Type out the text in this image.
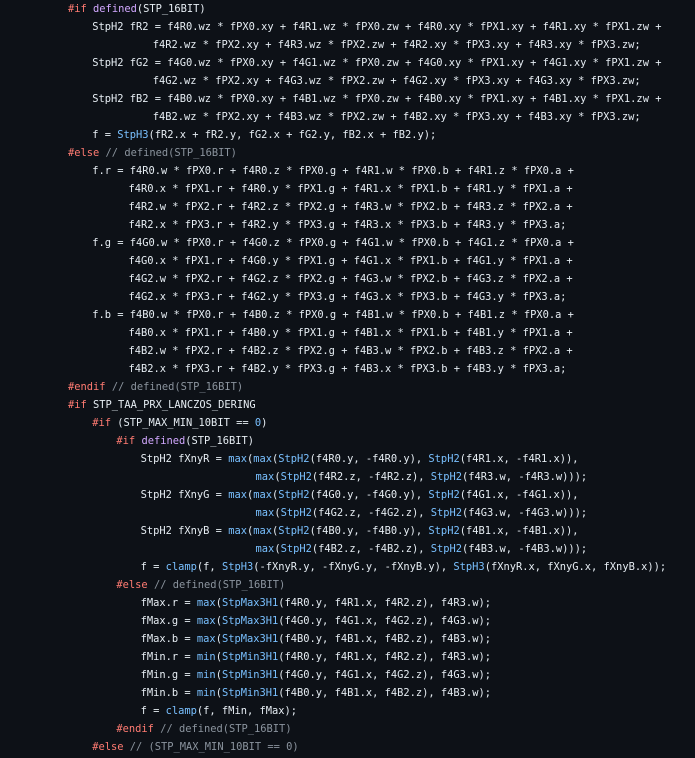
#if defined(STP_16BIT)
StpH2 fR2 = f4R0.wz * fPX0.xy + f4R1.wz * fPX0.zw + f4R0.xy * fPX1.xy + f4R1.xy * fPX1.zw +
f4R2.wz * fPX2.xy + f4R3.wz * fPX2.zw + f4R2.xy * fPX3.xy + f4R3.xy * fPX3.zw;
StpH2 fG2 = f4G0.wz * fPX0.xy + f4G1.wz * fPX0.zw + f4G0.xy * fPX1.xy + f4G1.xy * fPX1.zw +
f4G2.wz * fPX2.xy + f4G3.wz * fPX2.zw + f4G2.xy * fPX3.xy + f4G3.xy * fPX3.zw;
StpH2 fB2 = f4B0.wz * fPX0.xy + f4B1.wz * fPX0.zw + f4B0.xy * fPX1.xy + f4B1.xy * fPX1.zw +
f4B2.wz * fPX2.xy + f4B3.wz * fPX2.zw + f4B2.xy * fPX3.xy + f4B3.xy * fPX3.zw;
f = StpH3(fR2.x + fR2.y, fG2.x + fG2.y, fB2.x + fB2.y);
#else // defined(STP_16BIT)
f.r = f4R0.w * fPX0.r + f4R0.z * fPX0.g + f4R1.w * fPX0.b + f4R1.z * fPX0.a +
f4R0.x * fPX1.r + f4R0.y * fPX1.g + f4R1.x * fPX1.b + f4R1.y * fPX1.a +
f4R2.w * fPX2.r + f4R2.z * fPX2.g + f4R3.w * fPX2.b + f4R3.z * fPX2.a +
f4R2.x * fPX3.r + f4R2.y * fPX3.g + f4R3.x * fPX3.b + f4R3.y * fPX3.a;
f.g = f4G0.w * fPX0.r + f4G0.z * fPX0.g + f4G1.w * fPX0.b + f4G1.z * fPX0.a +
f4G0.x * fPX1.r + f4G0.y * fPX1.g + f4G1.x * fPX1.b + f4G1.y * fPX1.a +
f4G2.w * fPX2.r + f4G2.z * fPX2.g + f4G3.w * fPX2.b + f4G3.z * fPX2.a +
f4G2.x * fPX3.r + f4G2.y * fPX3.g + f4G3.x * fPX3.b + f4G3.y * fPX3.a;
f.b = f4B0.w * fPX0.r + f4B0.z * fPX0.g + f4B1.w * fPX0.b + f4B1.z * fPX0.a +
f4B0.x * fPX1.r + f4B0.y * fPX1.g + f4B1.x * fPX1.b + f4B1.y * fPX1.a +
f4B2.w * fPX2.r + f4B2.z * fPX2.g + f4B3.w * fPX2.b + f4B3.z * fPX2.a +
f4B2.x * fPX3.r + f4B2.y * fPX3.g + f4B3.x * fPX3.b + f4B3.y * fPX3.a;
#endif // defined(STP_16BIT)
#if STP_TAA_PRX_LANCZOS_DERING
#if (STP_MAX_MIN_10BIT == 0)
#if defined(STP_16BIT)
StpH2 fXnyR = max(max(StpH2(f4R0.y, -f4R0.y), StpH2(f4R1.x, -f4R1.x)),
max(StpH2(f4R2.z, -f4R2.z), StpH2(f4R3.w, -f4R3.w)));
StpH2 fXnyG = max(max(StpH2(f4G0.y, -f4G0.y), StpH2(f4G1.x, -f4G1.x)),
max(StpH2(f4G2.z, -f4G2.z), StpH2(f4G3.w, -f4G3.w)));
StpH2 fXnyB = max(max(StpH2(f4B0.y, -f4B0.y), StpH2(f4B1.x, -f4B1.x)),
max(StpH2(f4B2.z, -f4B2.z), StpH2(f4B3.w, -f4B3.w)));
f = clamp(f, StpH3(-fXnyR.y, -fXnyG.y, -fXnyB.y), StpH3(fXnyR.x, fXnyG.x, fXnyB.x));
#else // defined(STP_16BIT)
fMax.r = max(StpMax3H1(f4R0.y, f4R1.x, f4R2.z), f4R3.w);
fMax.g = max(StpMax3H1(f4G0.y, f4G1.x, f4G2.z), f4G3.w);
fMax.b = max(StpMax3H1(f4B0.y, f4B1.x, f4B2.z), f4B3.w);
fMin.r = min(StpMin3H1(f4R0.y, f4R1.x, f4R2.z), f4R3.w);
fMin.g = min(StpMin3H1(f4G0.y, f4G1.x, f4G2.z), f4G3.w);
fMin.b = min(StpMin3H1(f4B0.y, f4B1.x, f4B2.z), f4B3.w);
f = clamp(f, fMin, fMax);
#endif // defined(STP_16BIT)
#else // (STP_MAX_MIN_10BIT == 0)
